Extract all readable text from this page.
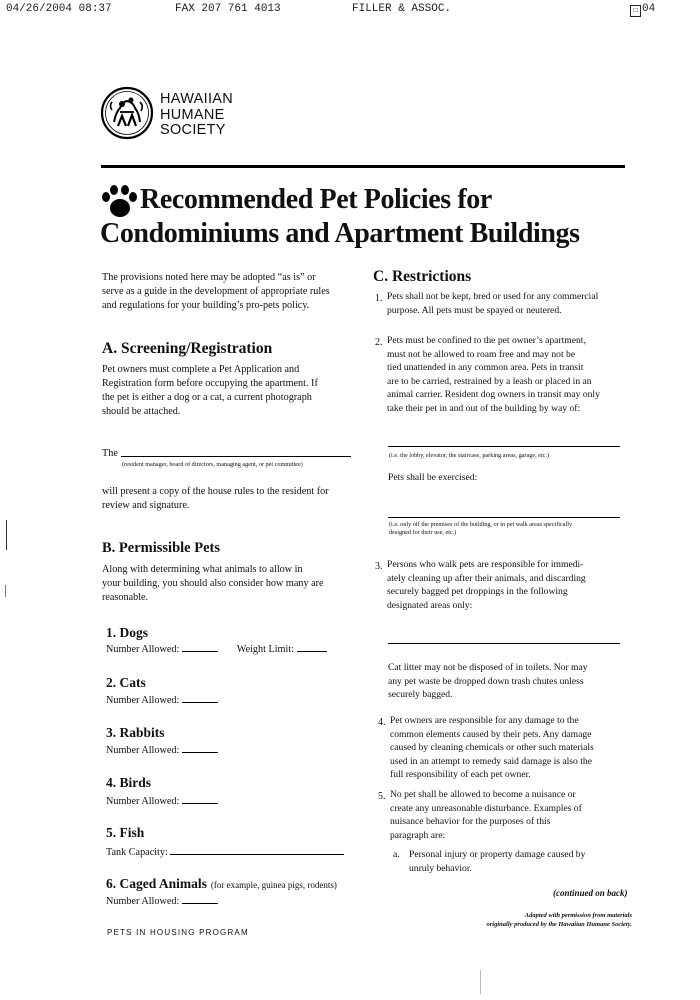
04/26/2004 08:37	FAX 207 761 4013	FILLER & ASSOC.	☐ 04
HAWAIIAN
HUMANE
SOCIETY
Recommended Pet Policies for
Condominiums and Apartment Buildings
The provisions noted here may be adopted “as is” or
serve as a guide in the development of appropriate rules
and regulations for your building’s pro-pets policy.
A. Screening/Registration
Pet owners must complete a Pet Application and
Registration form before occupying the apartment. If
the pet is either a dog or a cat, a current photograph
should be attached.
The
(resident manager, board of directors, managing agent, or pet committee)
will present a copy of the house rules to the resident for
review and signature.
B. Permissible Pets
Along with determining what animals to allow in
your building, you should also consider how many are
reasonable.
1. Dogs
Number Allowed:	Weight Limit:
2. Cats
Number Allowed:
3. Rabbits
Number Allowed:
4. Birds
Number Allowed:
5. Fish
Tank Capacity:
6. Caged Animals (for example, guinea pigs, rodents)
Number Allowed:
PETS IN HOUSING PROGRAM
C. Restrictions
1. Pets shall not be kept, bred or used for any commercial
purpose. All pets must be spayed or neutered.
2. Pets must be confined to the pet owner’s apartment,
must not be allowed to roam free and may not be
tied unattended in any common area. Pets in transit
are to be carried, restrained by a leash or placed in an
animal carrier. Resident dog owners in transit may only
take their pet in and out of the building by way of:
(i.e. the lobby, elevator, the staircase, parking areas, garage, etc.)
Pets shall be exercised:
(i.e. only off the premises of the building, or in pet walk areas specifically
designed for their use, etc.)
3. Persons who walk pets are responsible for immedi-
ately cleaning up after their animals, and discarding
securely bagged pet droppings in the following
designated areas only:
Cat litter may not be disposed of in toilets. Nor may
any pet waste be dropped down trash chutes unless
securely bagged.
4. Pet owners are responsible for any damage to the
common elements caused by their pets. Any damage
caused by cleaning chemicals or other such materials
used in an attempt to remedy said damage is also the
full responsibility of each pet owner.
5. No pet shall be allowed to become a nuisance or
create any unreasonable disturbance. Examples of
nuisance behavior for the purposes of this
paragraph are:
a. Personal injury or property damage caused by
unruly behavior.
(continued on back)
Adapted with permission from materials
originally produced by the Hawaiian Humane Society.
